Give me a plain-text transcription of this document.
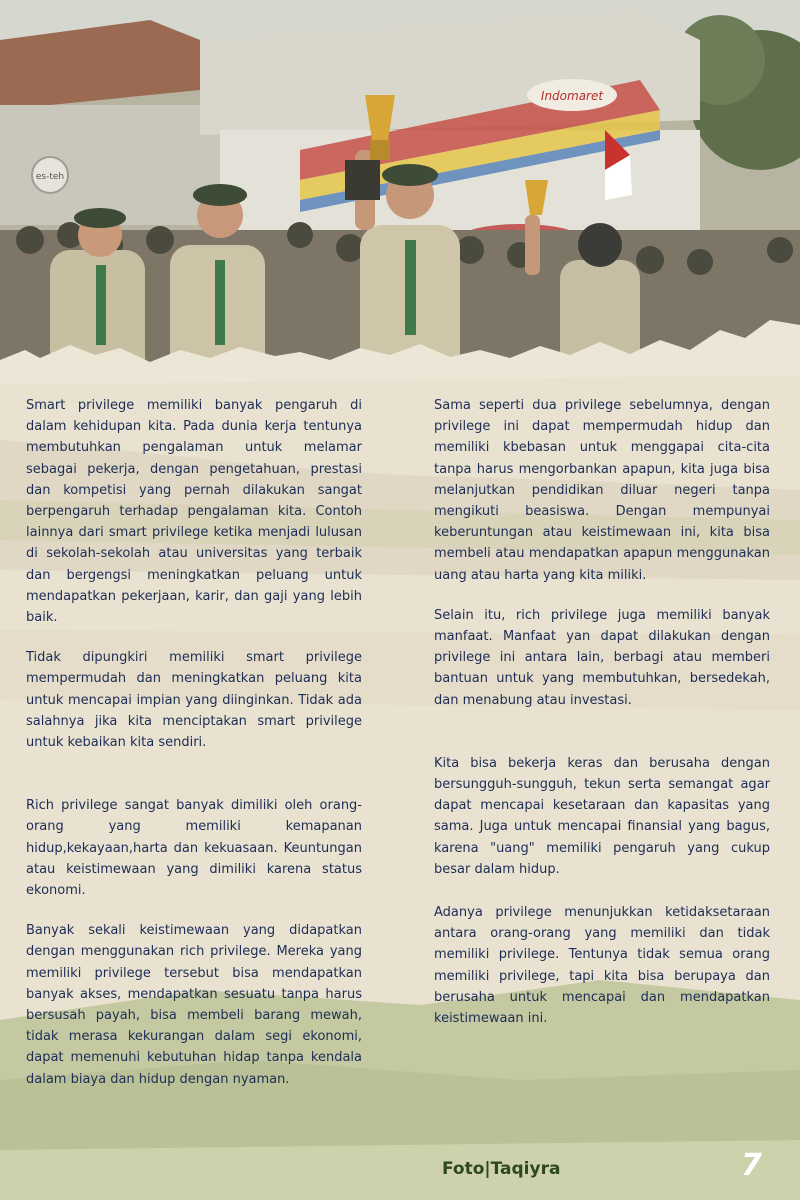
es-teh
Indomaret

Smart privilege memiliki banyak pengaruh di dalam kehidupan kita. Pada dunia kerja tentunya membutuhkan pengalaman untuk melamar sebagai pekerja, dengan pengetahuan, prestasi dan kompetisi yang pernah dilakukan sangat berpengaruh terhadap pengalaman kita. Contoh lainnya dari smart privilege ketika menjadi lulusan di sekolah-sekolah atau universitas yang terbaik dan bergengsi meningkatkan peluang untuk mendapatkan pekerjaan, karir, dan gaji yang lebih baik.

Tidak dipungkiri memiliki smart privilege mempermudah dan meningkatkan peluang kita untuk mencapai impian yang diinginkan. Tidak ada salahnya jika kita menciptakan smart privilege untuk kebaikan kita sendiri.

Rich privilege sangat banyak dimiliki oleh orang-orang yang memiliki kemapanan hidup,kekayaan,harta dan kekuasaan. Keuntungan atau keistimewaan yang dimiliki karena status ekonomi.

Banyak sekali keistimewaan yang didapatkan dengan menggunakan rich privilege. Mereka yang memiliki privilege tersebut bisa mendapatkan banyak akses, mendapatkan sesuatu tanpa harus bersusah payah, bisa membeli barang mewah, tidak merasa kekurangan dalam segi ekonomi, dapat memenuhi kebutuhan hidap tanpa kendala dalam biaya dan hidup dengan nyaman.

Sama seperti dua privilege sebelumnya, dengan privilege ini dapat mempermudah hidup dan memiliki kbebasan untuk menggapai cita-cita tanpa harus mengorbankan apapun, kita juga bisa melanjutkan pendidikan diluar negeri tanpa mengikuti beasiswa. Dengan mempunyai keberuntungan atau keistimewaan ini, kita bisa membeli atau mendapatkan apapun menggunakan uang atau harta yang kita miliki.

Selain itu, rich privilege juga memiliki banyak manfaat. Manfaat yan dapat dilakukan dengan privilege ini antara lain, berbagi atau memberi bantuan untuk yang membutuhkan, bersedekah, dan menabung atau investasi.

Kita bisa bekerja keras dan berusaha dengan bersungguh-sungguh, tekun serta semangat agar dapat mencapai kesetaraan dan kapasitas yang sama. Juga untuk mencapai finansial yang bagus, karena "uang" memiliki pengaruh yang cukup besar dalam hidup.

Adanya privilege menunjukkan ketidaksetaraan antara orang-orang yang memiliki dan tidak memiliki privilege. Tentunya tidak semua orang memiliki privilege, tapi kita bisa berupaya dan berusaha untuk mencapai dan mendapatkan keistimewaan ini.

Foto|Taqiyra	7
